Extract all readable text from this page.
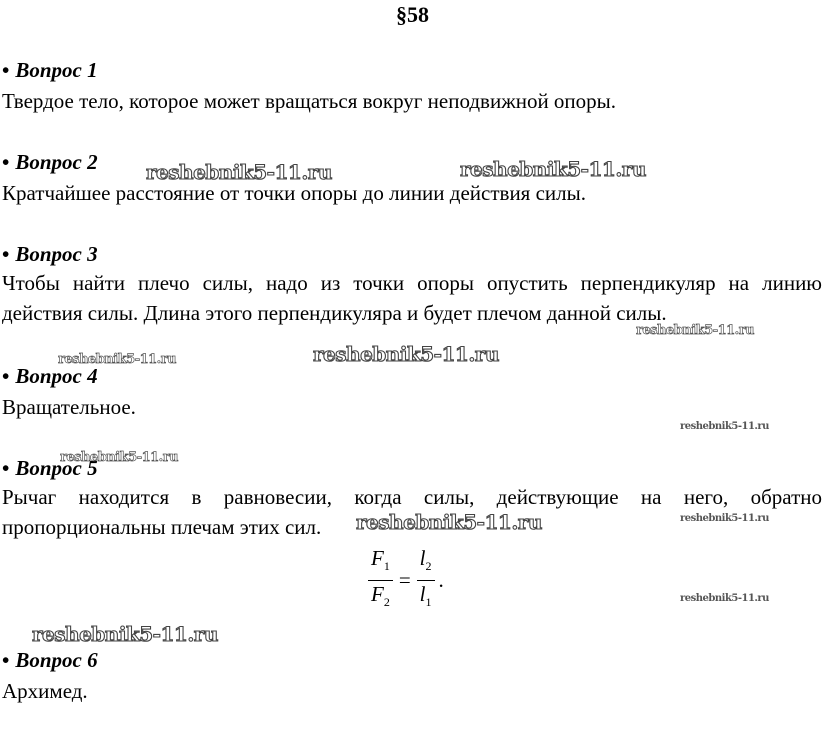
§58

• Вопрос 1

Твердое тело, которое может вращаться вокруг неподвижной опоры.

• Вопрос 2

Кратчайшее расстояние от точки опоры до линии действия силы.

• Вопрос 3

Чтобы найти плечо силы, надо из точки опоры опустить перпендикуляр на линию действия силы. Длина этого перпендикуляра и будет плечом данной силы.

• Вопрос 4

Вращательное.

• Вопрос 5

Рычаг находится в равновесии, когда силы, действующие на него, обратно пропорциональны плечам этих сил.

$\frac{F_1}{F_2} = \frac{l_2}{l_1}$ .

• Вопрос 6

Архимед.

reshebnik5-11.ru	reshebnik5-11.ru
reshebnik5-11.ru
reshebnik5-11.ru	reshebnik5-11.ru
reshebnik5-11.ru
reshebnik5-11.ru
reshebnik5-11.ru	reshebnik5-11.ru
reshebnik5-11.ru
reshebnik5-11.ru
